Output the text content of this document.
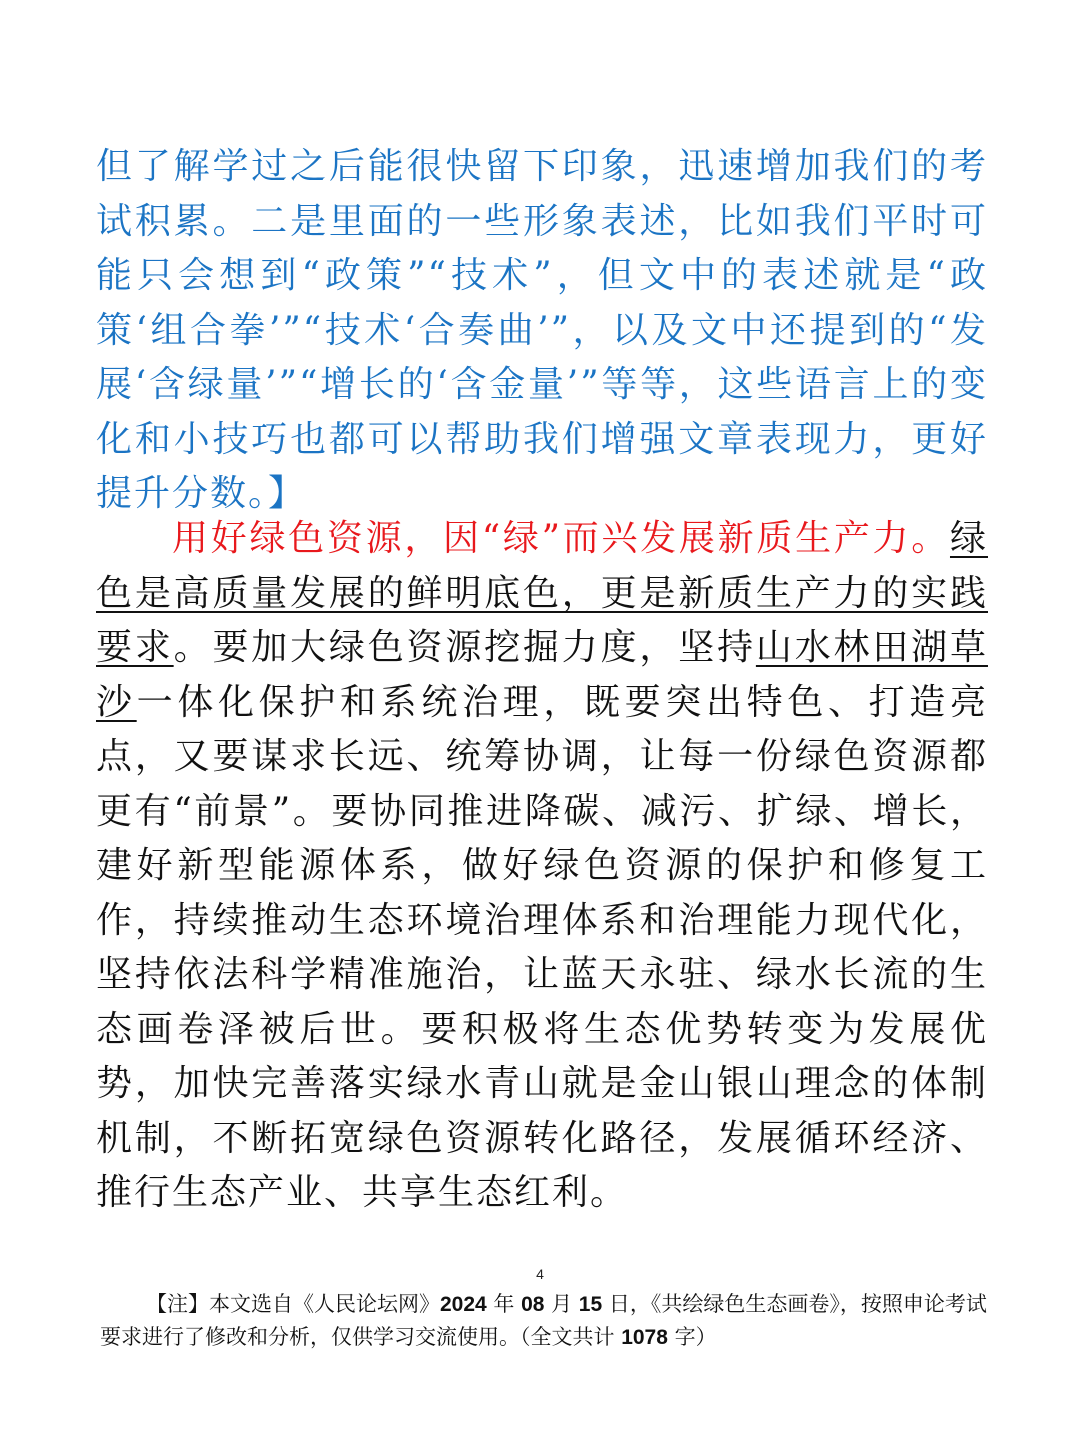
但了解学过之后能很快留下印象，迅速增加我们的考试积累。二是里面的一些形象表述，比如我们平时可能只会想到“政策”“技术”，但文中的表述就是“政策‘组合拳’”“技术‘合奏曲’”，以及文中还提到的“发展‘含绿量’”“增长的‘含金量’”等等，这些语言上的变化和小技巧也都可以帮助我们增强文章表现力，更好提升分数。】

用好绿色资源，因“绿”而兴发展新质生产力。绿色是高质量发展的鲜明底色，更是新质生产力的实践要求。要加大绿色资源挖掘力度，坚持山水林田湖草沙一体化保护和系统治理，既要突出特色、打造亮点，又要谋求长远、统筹协调，让每一份绿色资源都更有“前景”。要协同推进降碳、减污、扩绿、增长，建好新型能源体系，做好绿色资源的保护和修复工作，持续推动生态环境治理体系和治理能力现代化，坚持依法科学精准施治，让蓝天永驻、绿水长流的生态画卷泽被后世。要积极将生态优势转变为发展优势，加快完善落实绿水青山就是金山银山理念的体制机制，不断拓宽绿色资源转化路径，发展循环经济、推行生态产业、共享生态红利。

4

【注】本文选自《人民论坛网》2024 年 08 月 15 日，《共绘绿色生态画卷》，按照申论考试要求进行了修改和分析，仅供学习交流使用。（全文共计 1078 字）
